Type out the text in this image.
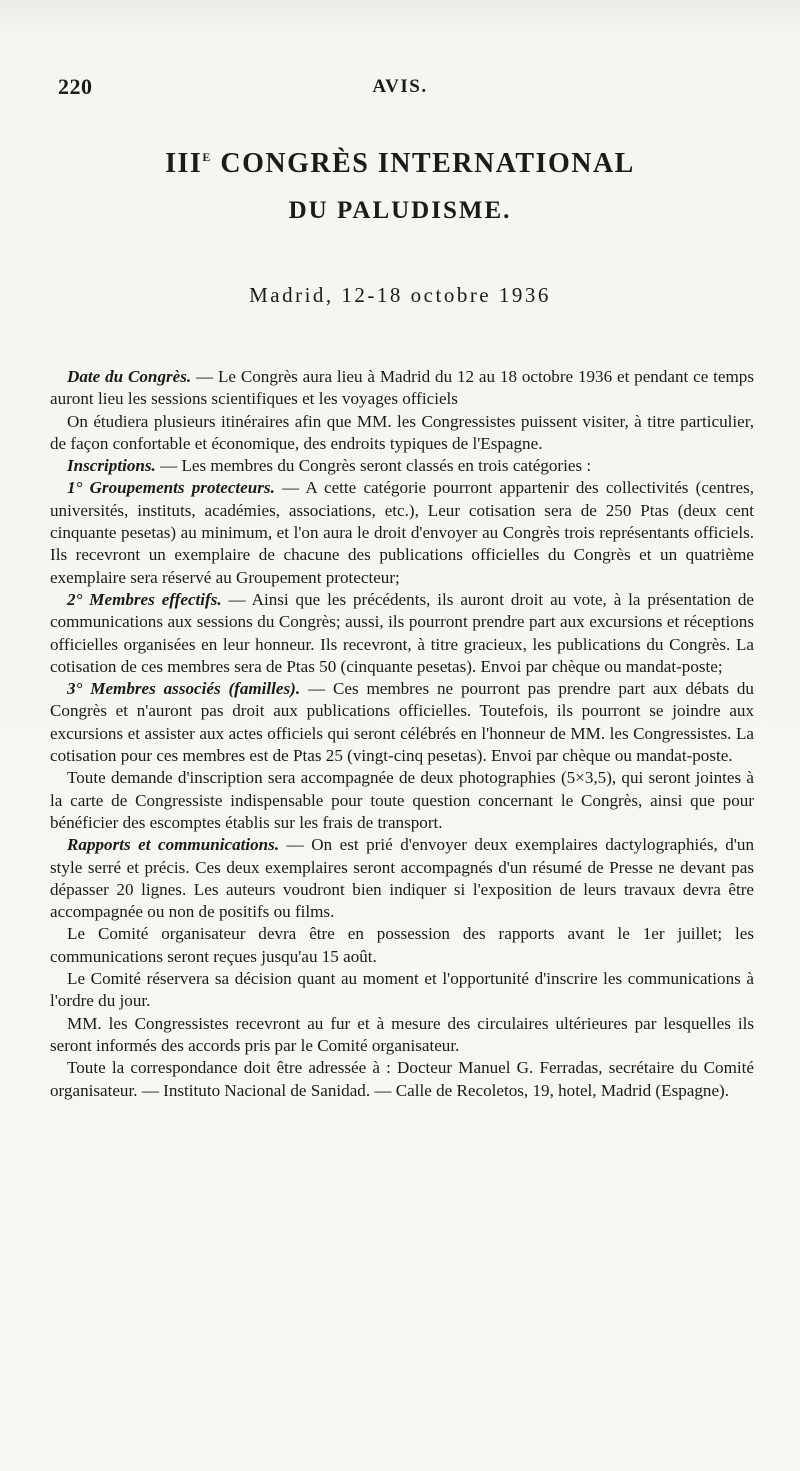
220	AVIS.
$III^E$ CONGRÈS INTERNATIONAL
DU PALUDISME.
Madrid, 12-18 octobre 1936

Date du Congrès. — Le Congrès aura lieu à Madrid du 12 au 18 octobre 1936 et pendant ce temps auront lieu les sessions scientifiques et les voyages officiels

On étudiera plusieurs itinéraires afin que MM. les Congressistes puissent visiter, à titre particulier, de façon confortable et économique, des endroits typiques de l'Espagne.

Inscriptions. — Les membres du Congrès seront classés en trois catégories :

1° Groupements protecteurs. — A cette catégorie pourront appartenir des collectivités (centres, universités, instituts, académies, associations, etc.), Leur cotisation sera de 250 Ptas (deux cent cinquante pesetas) au minimum, et l'on aura le droit d'envoyer au Congrès trois représentants officiels. Ils recevront un exemplaire de chacune des publications officielles du Congrès et un quatrième exemplaire sera réservé au Groupement protecteur;

2° Membres effectifs. — Ainsi que les précédents, ils auront droit au vote, à la présentation de communications aux sessions du Congrès; aussi, ils pourront prendre part aux excursions et réceptions officielles organisées en leur honneur. Ils recevront, à titre gracieux, les publications du Congrès. La cotisation de ces membres sera de Ptas 50 (cinquante pesetas). Envoi par chèque ou mandat-poste;

3° Membres associés (familles). — Ces membres ne pourront pas prendre part aux débats du Congrès et n'auront pas droit aux publications officielles. Toutefois, ils pourront se joindre aux excursions et assister aux actes officiels qui seront célébrés en l'honneur de MM. les Congressistes. La cotisation pour ces membres est de Ptas 25 (vingt-cinq pesetas). Envoi par chèque ou mandat-poste.

Toute demande d'inscription sera accompagnée de deux photographies (5×3,5), qui seront jointes à la carte de Congressiste indispensable pour toute question concernant le Congrès, ainsi que pour bénéficier des escomptes établis sur les frais de transport.

Rapports et communications. — On est prié d'envoyer deux exemplaires dactylographiés, d'un style serré et précis. Ces deux exemplaires seront accompagnés d'un résumé de Presse ne devant pas dépasser 20 lignes. Les auteurs voudront bien indiquer si l'exposition de leurs travaux devra être accompagnée ou non de positifs ou films.

Le Comité organisateur devra être en possession des rapports avant le 1er juillet; les communications seront reçues jusqu'au 15 août.

Le Comité réservera sa décision quant au moment et l'opportunité d'inscrire les communications à l'ordre du jour.

MM. les Congressistes recevront au fur et à mesure des circulaires ultérieures par lesquelles ils seront informés des accords pris par le Comité organisateur.

Toute la correspondance doit être adressée à : Docteur Manuel G. Ferradas, secrétaire du Comité organisateur. — Instituto Nacional de Sanidad. — Calle de Recoletos, 19, hotel, Madrid (Espagne).
